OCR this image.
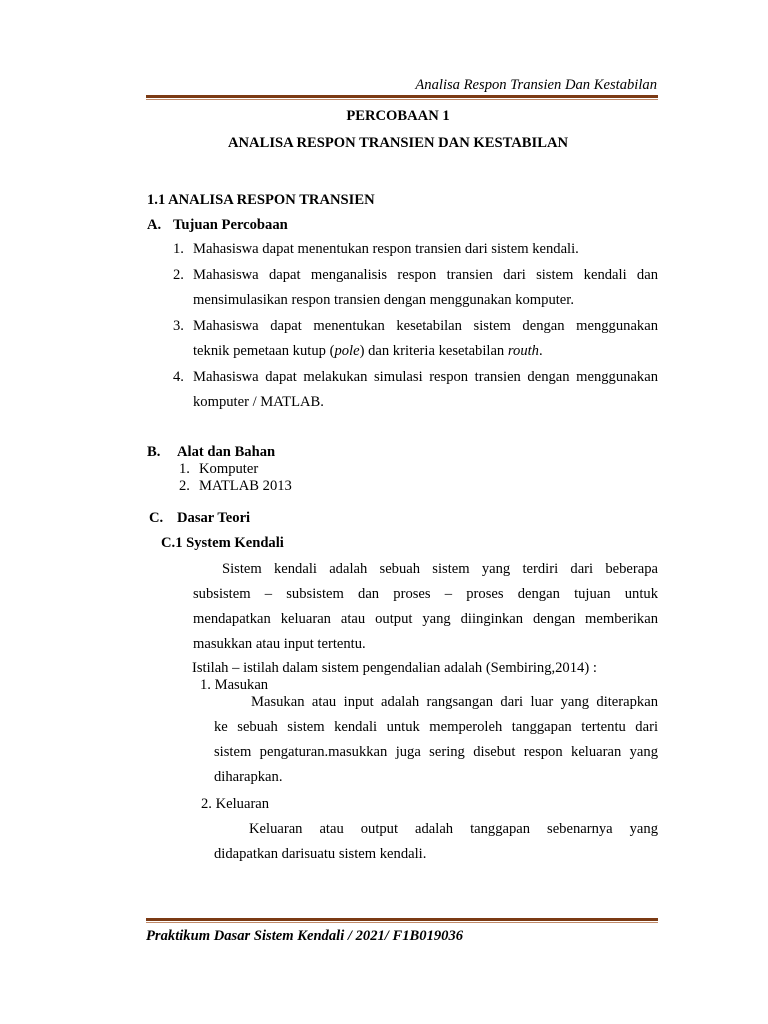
Analisa Respon Transien Dan Kestabilan
PERCOBAAN 1
ANALISA RESPON TRANSIEN DAN KESTABILAN
1.1 ANALISA RESPON TRANSIEN
A. Tujuan Percobaan
1. Mahasiswa dapat menentukan respon transien dari sistem kendali.
2. Mahasiswa dapat menganalisis respon transien dari sistem kendali dan
mensimulasikan respon transien dengan menggunakan komputer.
3. Mahasiswa dapat menentukan kesetabilan sistem dengan menggunakan
teknik pemetaan kutup (pole) dan kriteria kesetabilan routh.
4. Mahasiswa dapat melakukan simulasi respon transien dengan menggunakan
komputer / MATLAB.
B. Alat dan Bahan
1. Komputer
2. MATLAB 2013
C. Dasar Teori
C.1 System Kendali
Sistem kendali adalah sebuah sistem yang terdiri dari beberapa
subsistem – subsistem dan proses – proses dengan tujuan untuk
mendapatkan keluaran atau output yang diinginkan dengan memberikan
masukkan atau input tertentu.
Istilah – istilah dalam sistem pengendalian adalah (Sembiring,2014) :
1. Masukan
Masukan atau input adalah rangsangan dari luar yang diterapkan
ke sebuah sistem kendali untuk memperoleh tanggapan tertentu dari
sistem pengaturan.masukkan juga sering disebut respon keluaran yang
diharapkan.
2. Keluaran
Keluaran atau output adalah tanggapan sebenarnya yang
didapatkan darisuatu sistem kendali.
Praktikum Dasar Sistem Kendali / 2021/ F1B019036
